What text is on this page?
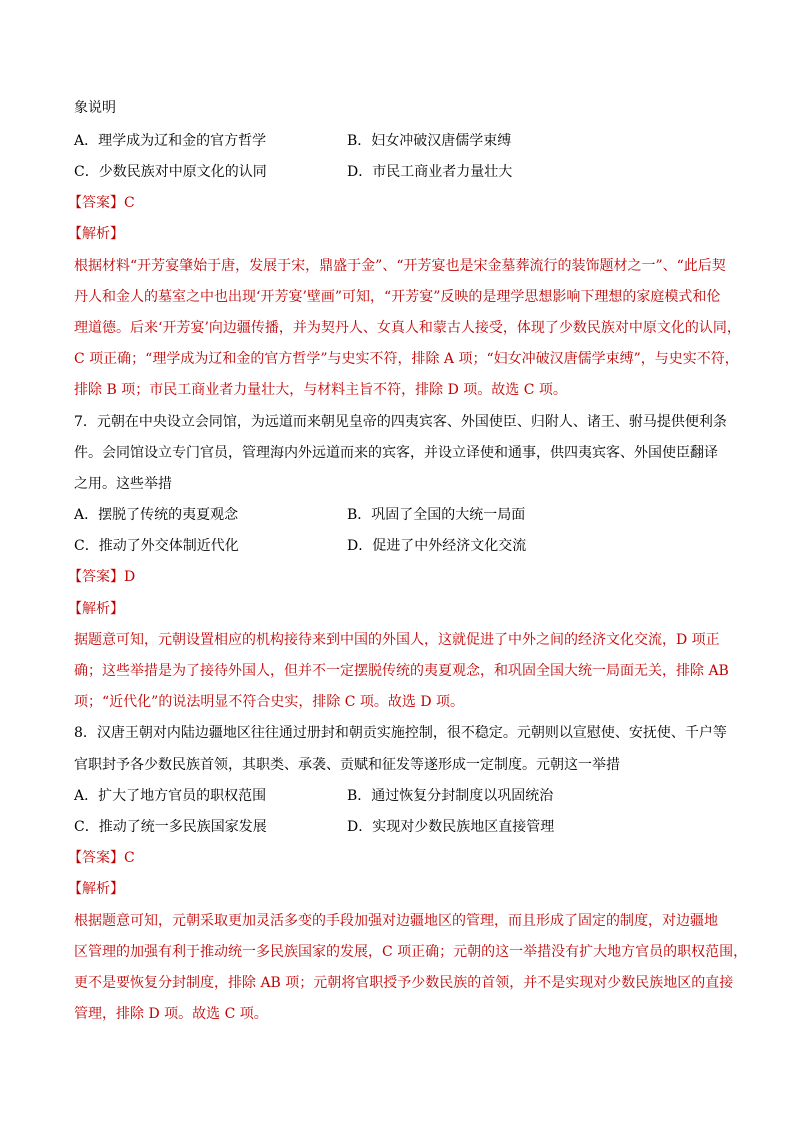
象说明
A．理学成为辽和金的官方哲学	B．妇女冲破汉唐儒学束缚
C．少数民族对中原文化的认同	D．市民工商业者力量壮大
【答案】C
【解析】
根据材料“开芳宴肇始于唐，发展于宋，鼎盛于金”、“开芳宴也是宋金墓葬流行的装饰题材之一”、“此后契
丹人和金人的墓室之中也出现‘开芳宴’壁画”可知，“开芳宴”反映的是理学思想影响下理想的家庭模式和伦
理道德。后来‘开芳宴’向边疆传播，并为契丹人、女真人和蒙古人接受，体现了少数民族对中原文化的认同，
C 项正确；“理学成为辽和金的官方哲学”与史实不符，排除 A 项；“妇女冲破汉唐儒学束缚”，与史实不符，
排除 B 项；市民工商业者力量壮大，与材料主旨不符，排除 D 项。故选 C 项。
7．元朝在中央设立会同馆，为远道而来朝见皇帝的四夷宾客、外国使臣、归附人、诸王、驸马提供便利条
件。会同馆设立专门官员，管理海内外远道而来的宾客，并设立译使和通事，供四夷宾客、外国使臣翻译
之用。这些举措
A．摆脱了传统的夷夏观念	B．巩固了全国的大统一局面
C．推动了外交体制近代化	D．促进了中外经济文化交流
【答案】D
【解析】
据题意可知，元朝设置相应的机构接待来到中国的外国人，这就促进了中外之间的经济文化交流，D 项正
确；这些举措是为了接待外国人，但并不一定摆脱传统的夷夏观念，和巩固全国大统一局面无关，排除 AB
项；“近代化”的说法明显不符合史实，排除 C 项。故选 D 项。
8．汉唐王朝对内陆边疆地区往往通过册封和朝贡实施控制，很不稳定。元朝则以宣慰使、安抚使、千户等
官职封予各少数民族首领，其职类、承袭、贡赋和征发等遂形成一定制度。元朝这一举措
A．扩大了地方官员的职权范围	B．通过恢复分封制度以巩固统治
C．推动了统一多民族国家发展	D．实现对少数民族地区直接管理
【答案】C
【解析】
根据题意可知，元朝采取更加灵活多变的手段加强对边疆地区的管理，而且形成了固定的制度，对边疆地
区管理的加强有利于推动统一多民族国家的发展，C 项正确；元朝的这一举措没有扩大地方官员的职权范围，
更不是要恢复分封制度，排除 AB 项；元朝将官职授予少数民族的首领，并不是实现对少数民族地区的直接
管理，排除 D 项。故选 C 项。
